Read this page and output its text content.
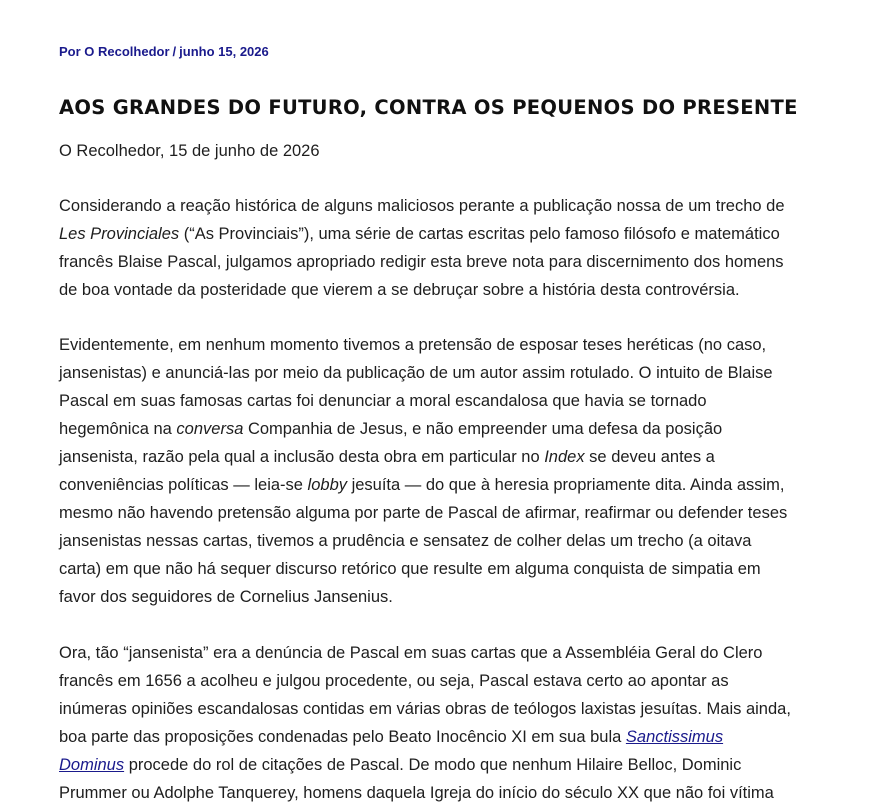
Por O Recolhedor / junho 15, 2026
AOS GRANDES DO FUTURO, CONTRA OS PEQUENOS DO PRESENTE

O Recolhedor, 15 de junho de 2026

Considerando a reação histórica de alguns maliciosos perante a publicação nossa de um trecho de
Les Provinciales (“As Provinciais”), uma série de cartas escritas pelo famoso filósofo e matemático
francês Blaise Pascal, julgamos apropriado redigir esta breve nota para discernimento dos homens
de boa vontade da posteridade que vierem a se debruçar sobre a história desta controvérsia.
Evidentemente, em nenhum momento tivemos a pretensão de esposar teses heréticas (no caso,
jansenistas) e anunciá-las por meio da publicação de um autor assim rotulado. O intuito de Blaise
Pascal em suas famosas cartas foi denunciar a moral escandalosa que havia se tornado
hegemônica na conversa Companhia de Jesus, e não empreender uma defesa da posição
jansenista, razão pela qual a inclusão desta obra em particular no Index se deveu antes a
conveniências políticas — leia-se lobby jesuíta — do que à heresia propriamente dita. Ainda assim,
mesmo não havendo pretensão alguma por parte de Pascal de afirmar, reafirmar ou defender teses
jansenistas nessas cartas, tivemos a prudência e sensatez de colher delas um trecho (a oitava
carta) em que não há sequer discurso retórico que resulte em alguma conquista de simpatia em
favor dos seguidores de Cornelius Jansenius.
Ora, tão “jansenista” era a denúncia de Pascal em suas cartas que a Assembléia Geral do Clero
francês em 1656 a acolheu e julgou procedente, ou seja, Pascal estava certo ao apontar as
inúmeras opiniões escandalosas contidas em várias obras de teólogos laxistas jesuítas. Mais ainda,
boa parte das proposições condenadas pelo Beato Inocêncio XI em sua bula Sanctissimus
Dominus procede do rol de citações de Pascal. De modo que nenhum Hilaire Belloc, Dominic
Prummer ou Adolphe Tanquerey, homens daquela Igreja do início do século XX que não foi vítima
